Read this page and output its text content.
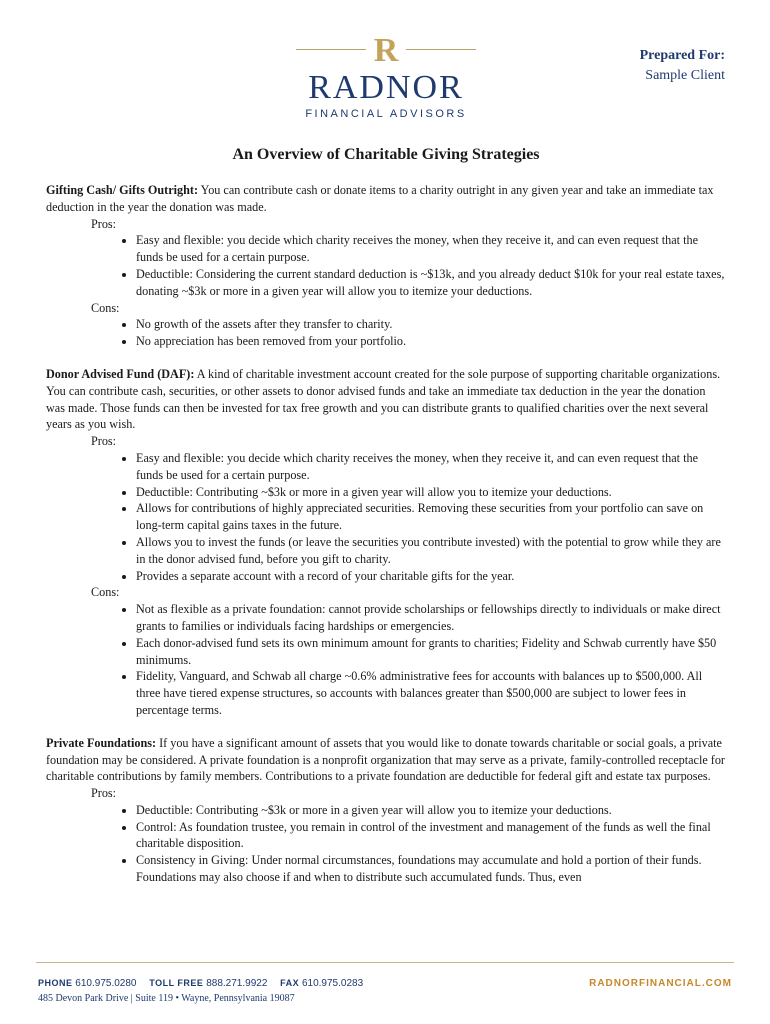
R
RADNOR
FINANCIAL ADVISORS
Prepared For:
Sample Client
An Overview of Charitable Giving Strategies

Gifting Cash/ Gifts Outright: You can contribute cash or donate items to a charity outright in any given year and take an immediate tax deduction in the year the donation was made.

Pros:
• Easy and flexible: you decide which charity receives the money, when they receive it, and can even request that the funds be used for a certain purpose.
• Deductible: Considering the current standard deduction is ~$13k, and you already deduct $10k for your real estate taxes, donating ~$3k or more in a given year will allow you to itemize your deductions.
Cons:
• No growth of the assets after they transfer to charity.
• No appreciation has been removed from your portfolio.

Donor Advised Fund (DAF): A kind of charitable investment account created for the sole purpose of supporting charitable organizations. You can contribute cash, securities, or other assets to donor advised funds and take an immediate tax deduction in the year the donation was made. Those funds can then be invested for tax free growth and you can distribute grants to qualified charities over the next several years as you wish.

Pros:
• Easy and flexible: you decide which charity receives the money, when they receive it, and can even request that the funds be used for a certain purpose.
• Deductible: Contributing ~$3k or more in a given year will allow you to itemize your deductions.
• Allows for contributions of highly appreciated securities. Removing these securities from your portfolio can save on long-term capital gains taxes in the future.
• Allows you to invest the funds (or leave the securities you contribute invested) with the potential to grow while they are in the donor advised fund, before you gift to charity.
• Provides a separate account with a record of your charitable gifts for the year.
Cons:
• Not as flexible as a private foundation: cannot provide scholarships or fellowships directly to individuals or make direct grants to families or individuals facing hardships or emergencies.
• Each donor-advised fund sets its own minimum amount for grants to charities; Fidelity and Schwab currently have $50 minimums.
• Fidelity, Vanguard, and Schwab all charge ~0.6% administrative fees for accounts with balances up to $500,000. All three have tiered expense structures, so accounts with balances greater than $500,000 are subject to lower fees in percentage terms.

Private Foundations: If you have a significant amount of assets that you would like to donate towards charitable or social goals, a private foundation may be considered. A private foundation is a nonprofit organization that may serve as a private, family-controlled receptacle for charitable contributions by family members. Contributions to a private foundation are deductible for federal gift and estate tax purposes.

Pros:
• Deductible: Contributing ~$3k or more in a given year will allow you to itemize your deductions.
• Control: As foundation trustee, you remain in control of the investment and management of the funds as well the final charitable disposition.
• Consistency in Giving: Under normal circumstances, foundations may accumulate and hold a portion of their funds. Foundations may also choose if and when to distribute such accumulated funds. Thus, even
PHONE 610.975.0280 TOLL FREE 888.271.9922 FAX 610.975.0283
485 Devon Park Drive | Suite 119 • Wayne, Pennsylvania 19087
RADNORFINANCIAL.COM
